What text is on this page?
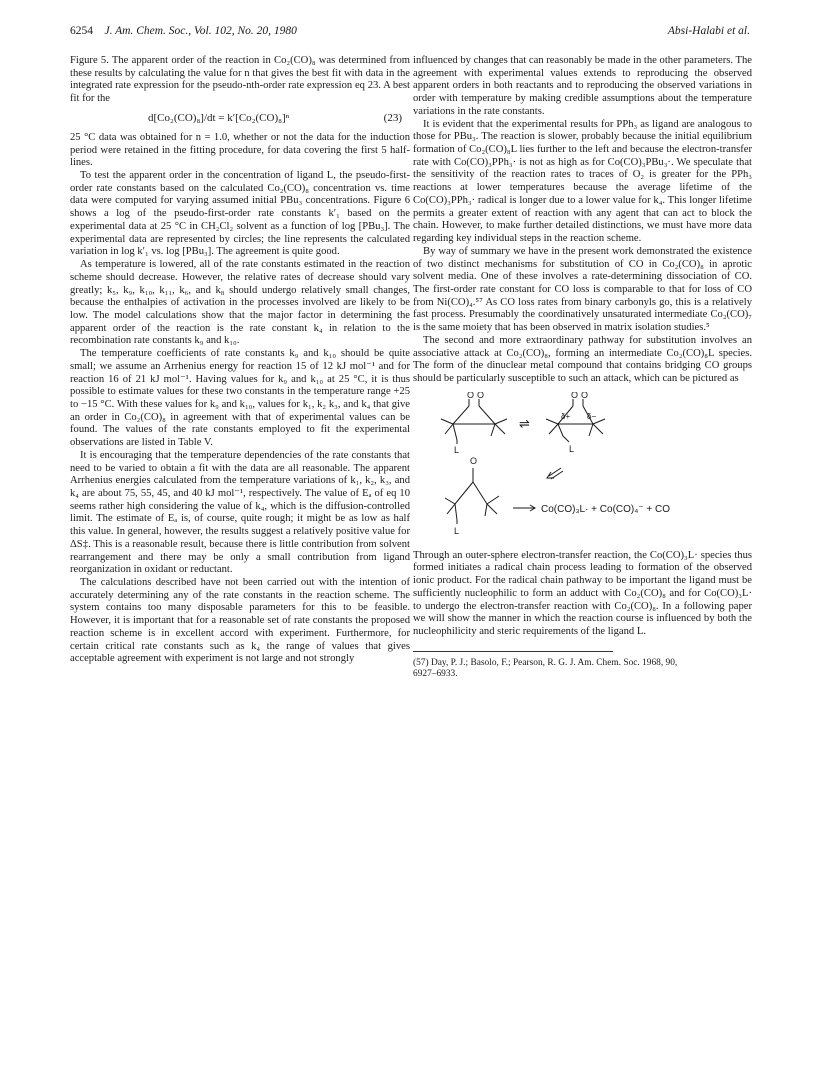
6254 J. Am. Chem. Soc., Vol. 102, No. 20, 1980	Absi-Halabi et al.

Figure 5. The apparent order of the reaction in Co₂(CO)₈ was determined from these results by calculating the value for n that gives the best fit with data in the integrated rate expression for the pseudo-nth-order rate expression eq 23. A best fit for the

d[Co₂(CO)₈]/dt = k′[Co₂(CO)₈]ⁿ	(23)

25 °C data was obtained for n = 1.0, whether or not the data for the induction period were retained in the fitting procedure, for data covering the first 5 half-lines.

To test the apparent order in the concentration of ligand L, the pseudo-first-order rate constants based on the calculated Co₂(CO)₈ concentration vs. time data were computed for varying assumed initial PBu₃ concentrations. Figure 6 shows a log of the pseudo-first-order rate constants k′₁ based on the experimental data at 25 °C in CH₂Cl₂ solvent as a function of log [PBu₃]. The experimental data are represented by circles; the line represents the calculated variation in log k′₁ vs. log [PBu₃]. The agreement is quite good.

As temperature is lowered, all of the rate constants estimated in the reaction scheme should decrease. However, the relative rates of decrease should vary greatly; k₅, k₉, k₁₀, k₁₁, k₆, and k₈ should undergo relatively small changes, because the enthalpies of activation in the processes involved are likely to be low. The model calculations show that the major factor in determining the apparent order of the reaction is the rate constant k₄ in relation to the recombination rate constants k₉ and k₁₀.

The temperature coefficients of rate constants k₉ and k₁₀ should be quite small; we assume an Arrhenius energy for reaction 15 of 12 kJ mol⁻¹ and for reaction 16 of 21 kJ mol⁻¹. Having values for k₉ and k₁₀ at 25 °C, it is thus possible to estimate values for these two constants in the temperature range +25 to −15 °C. With these values for k₉ and k₁₀, values for k₁, k₂ k₃, and k₄ that give an order in Co₂(CO)₈ in agreement with that of experimental values can be found. The values of the rate constants employed to fit the experimental observations are listed in Table V.

It is encouraging that the temperature dependencies of the rate constants that need to be varied to obtain a fit with the data are all reasonable. The apparent Arrhenius energies calculated from the temperature variations of k₁, k₂, k₃, and k₄ are about 75, 55, 45, and 40 kJ mol⁻¹, respectively. The value of Eₐ of eq 10 seems rather high considering the value of k₄, which is the diffusion-controlled limit. The estimate of Eₐ is, of course, quite rough; it might be as low as half this value. In general, however, the results suggest a relatively positive value for ΔS‡. This is a reasonable result, because there is little contribution from solvent rearrangement and there may be only a small contribution from ligand reorganization in oxidant or reductant.

The calculations described have not been carried out with the intention of accurately determining any of the rate constants in the reaction scheme. The system contains too many disposable parameters for this to be feasible. However, it is important that for a reasonable set of rate constants the proposed reaction scheme is in excellent accord with experiment. Furthermore, for certain critical rate constants such as k₄ the range of values that gives acceptable agreement with experiment is not large and not strongly

influenced by changes that can reasonably be made in the other parameters. The agreement with experimental values extends to reproducing the observed apparent orders in both reactants and to reproducing the observed variations in order with temperature by making credible assumptions about the temperature variations in the rate constants.

It is evident that the experimental results for PPh₃ as ligand are analogous to those for PBu₃. The reaction is slower, probably because the initial equilibrium formation of Co₂(CO)₈L lies further to the left and because the electron-transfer rate with Co(CO)₃PPh₃· is not as high as for Co(CO)₃PBu₃·. We speculate that the sensitivity of the reaction rates to traces of O₂ is greater for the PPh₃ reactions at lower temperatures because the average lifetime of the Co(CO)₃PPh₃· radical is longer due to a lower value for k₄. This longer lifetime permits a greater extent of reaction with any agent that can act to block the chain. However, to make further detailed distinctions, we must have more data regarding key individual steps in the reaction scheme.

By way of summary we have in the present work demonstrated the existence of two distinct mechanisms for substitution of CO in Co₂(CO)₈ in aprotic solvent media. One of these involves a rate-determining dissociation of CO. The first-order rate constant for CO loss is comparable to that for loss of CO from Ni(CO)₄.⁵⁷ As CO loss rates from binary carbonyls go, this is a relatively fast process. Presumably the coordinatively unsaturated intermediate Co₂(CO)₇ is the same moiety that has been observed in matrix isolation studies.⁵

The second and more extraordinary pathway for substitution involves an associative attack at Co₂(CO)₈, forming an intermediate Co₂(CO)₈L species. The form of the dinuclear metal compound that contains bridging CO groups should be particularly susceptible to such an attack, which can be pictured as

O O
L
⇌
O O
δ+ δ−
L
O
L
Co(CO)₃L· + Co(CO)₄⁻ + CO

Through an outer-sphere electron-transfer reaction, the Co(CO)₃L· species thus formed initiates a radical chain process leading to formation of the observed ionic product. For the radical chain pathway to be important the ligand must be sufficiently nucleophilic to form an adduct with Co₂(CO)₈ and for Co(CO)₃L· to undergo the electron-transfer reaction with Co₂(CO)₈. In a following paper we will show the manner in which the reaction course is influenced by both the nucleophilicity and steric requirements of the ligand L.

(57) Day, P. J.; Basolo, F.; Pearson, R. G. J. Am. Chem. Soc. 1968, 90,
6927–6933.
